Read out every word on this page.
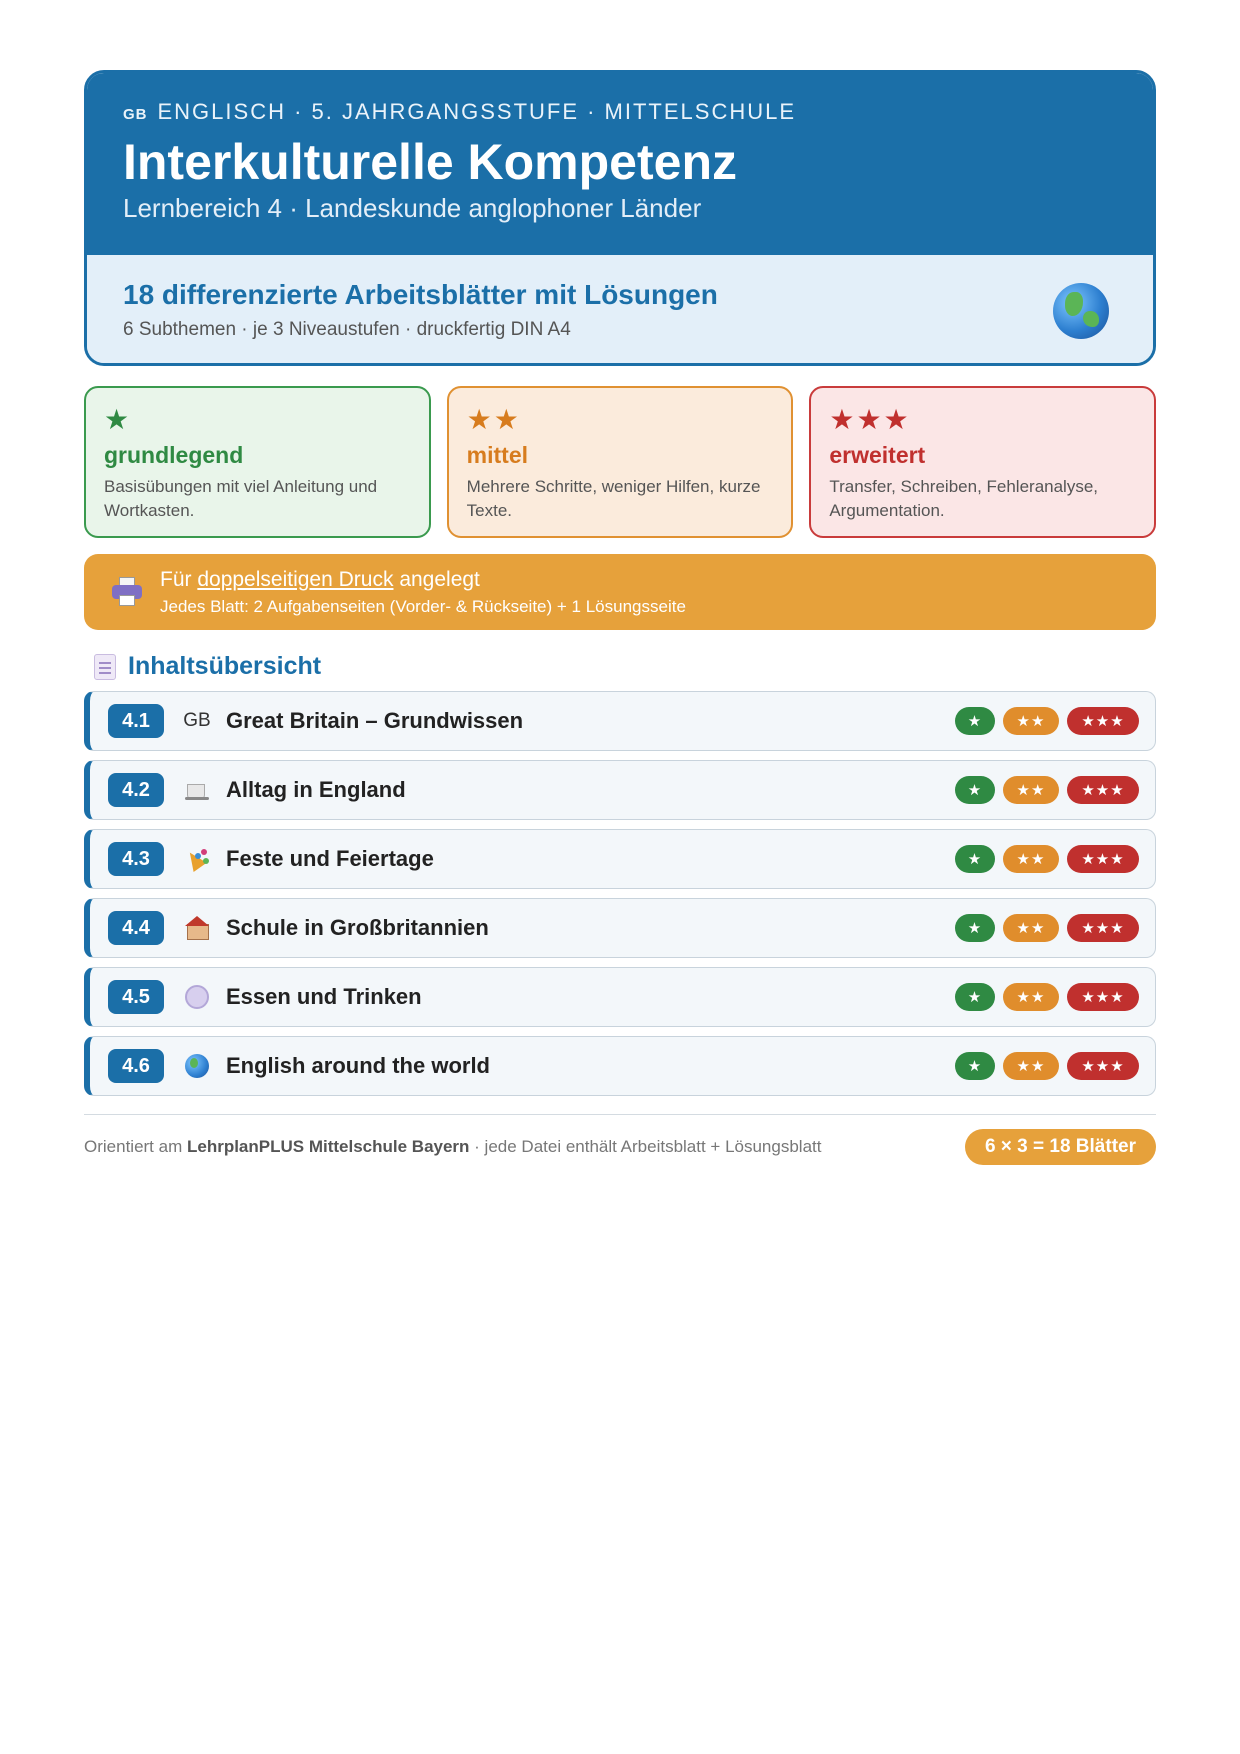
GB ENGLISCH · 5. JAHRGANGSSTUFE · MITTELSCHULE
Interkulturelle Kompetenz
Lernbereich 4 · Landeskunde anglophoner Länder
18 differenzierte Arbeitsblätter mit Lösungen
6 Subthemen · je 3 Niveaustufen · druckfertig DIN A4
★
grundlegend
Basisübungen mit viel Anleitung und Wortkasten.
★★
mittel
Mehrere Schritte, weniger Hilfen, kurze Texte.
★★★
erweitert
Transfer, Schreiben, Fehleranalyse, Argumentation.
Für doppelseitigen Druck angelegt
Jedes Blatt: 2 Aufgabenseiten (Vorder- & Rückseite) + 1 Lösungsseite
Inhaltsübersicht
4.1	GB Great Britain – Grundwissen	★	★★	★★★
4.2	Alltag in England	★	★★	★★★
4.3	Feste und Feiertage	★	★★	★★★
4.4	Schule in Großbritannien	★	★★	★★★
4.5	Essen und Trinken	★	★★	★★★
4.6	English around the world	★	★★	★★★
Orientiert am LehrplanPLUS Mittelschule Bayern · jede Datei enthält Arbeitsblatt + Lösungsblatt	6 × 3 = 18 Blätter
